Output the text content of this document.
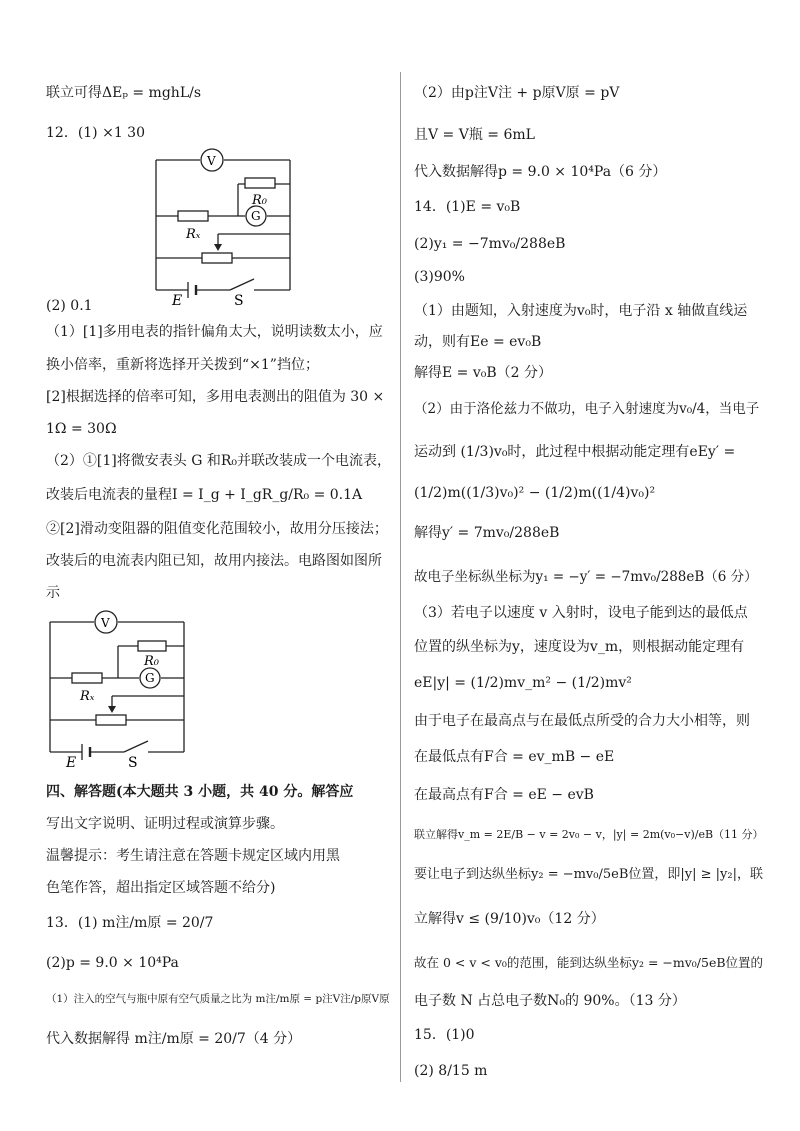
联立可得ΔEₚ = mghL/s
12．(1) ×1 30
(2) 0.1
（1）[1]多用电表的指针偏角太大，说明读数太小，应
换小倍率，重新将选择开关拨到“×1”挡位；
[2]根据选择的倍率可知，多用电表测出的阻值为 30 ×
1Ω = 30Ω
（2）①[1]将微安表头 G 和R₀并联改装成一个电流表，
改装后电流表的量程I = I_g + I_gR_g/R₀ = 0.1A
②[2]滑动变阻器的阻值变化范围较小，故用分压接法；
改装后的电流表内阻已知，故用内接法。电路图如图所
示
四、解答题(本大题共 3 小题，共 40 分。解答应
写出文字说明、证明过程或演算步骤。
温馨提示：考生请注意在答题卡规定区域内用黑
色笔作答，超出指定区域答题不给分)
13．(1) m注/m原 = 20/7
(2)p = 9.0 × 10⁴Pa
（1）注入的空气与瓶中原有空气质量之比为 m注/m原 = p注V注/p原V原
代入数据解得 m注/m原 = 20/7（4 分）
（2）由p注V注 + p原V原 = pV
且V = V瓶 = 6mL
代入数据解得p = 9.0 × 10⁴Pa（6 分）
14．(1)E = v₀B
(2)y₁ = −7mv₀/288eB
(3)90%
（1）由题知，入射速度为v₀时，电子沿 x 轴做直线运
动，则有Ee = ev₀B
解得E = v₀B（2 分）
（2）由于洛伦兹力不做功，电子入射速度为v₀/4，当电子
运动到 (1/3)v₀时，此过程中根据动能定理有eEy′ =
(1/2)m((1/3)v₀)² − (1/2)m((1/4)v₀)²
解得y′ = 7mv₀/288eB
故电子坐标纵坐标为y₁ = −y′ = −7mv₀/288eB（6 分）
（3）若电子以速度 v 入射时，设电子能到达的最低点
位置的纵坐标为y，速度设为v_m，则根据动能定理有
eE|y| = (1/2)mv_m² − (1/2)mv²
由于电子在最高点与在最低点所受的合力大小相等，则
在最低点有F合 = ev_mB − eE
在最高点有F合 = eE − evB
联立解得v_m = 2E/B − v = 2v₀ − v，|y| = 2m(v₀−v)/eB（11 分）
要让电子到达纵坐标y₂ = −mv₀/5eB位置，即|y| ≥ |y₂|，联
立解得v ≤ (9/10)v₀（12 分）
故在 0 < v < v₀的范围，能到达纵坐标y₂ = −mv₀/5eB位置的
电子数 N 占总电子数N₀的 90%。（13 分）
15．(1)0
(2) 8/15 m
V
G
R₀
Rₓ
E	S
V
G
R₀
Rₓ
E	S
